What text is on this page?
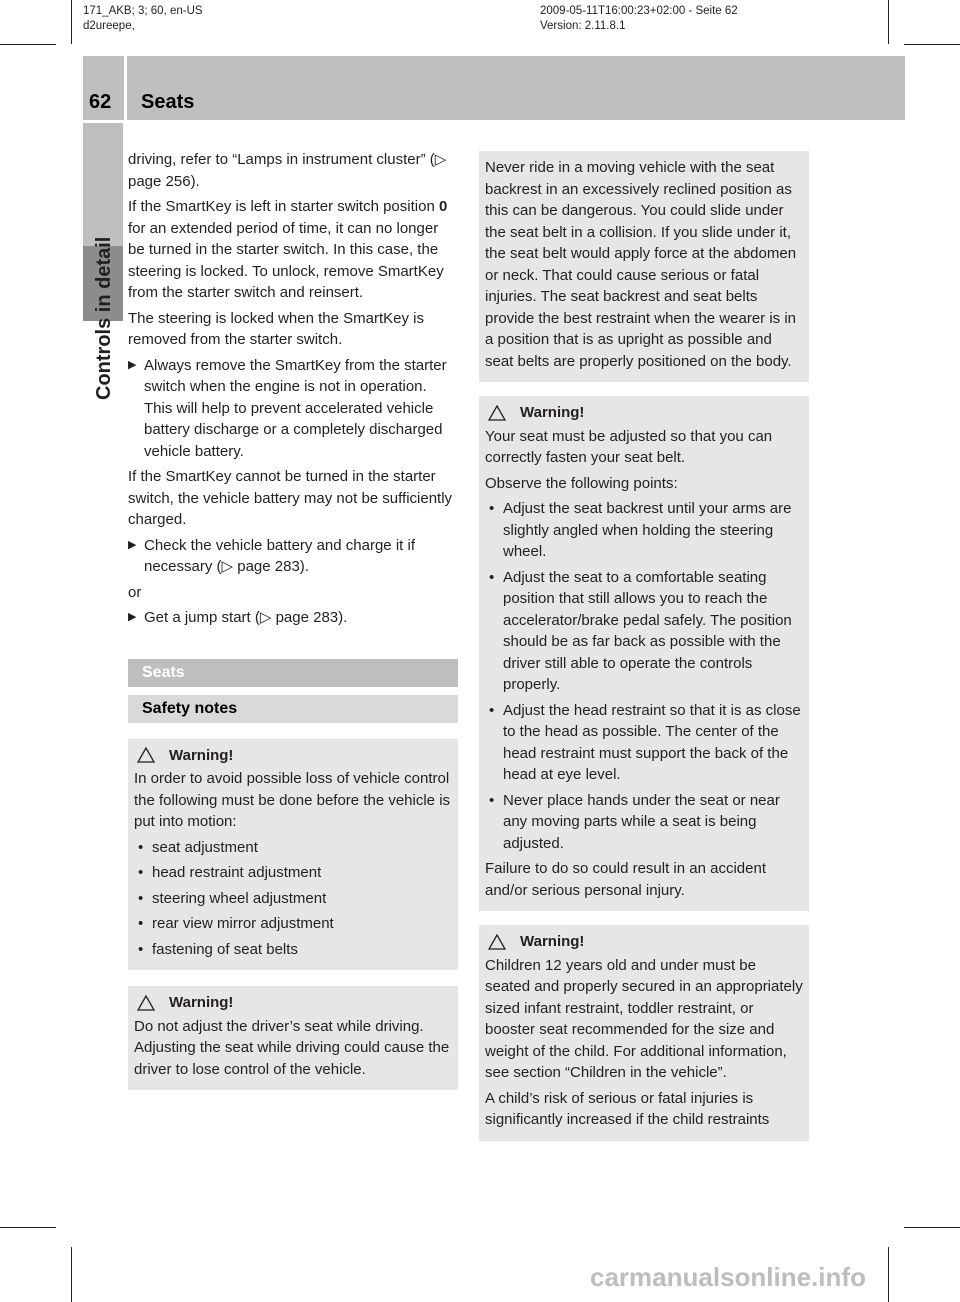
171_AKB; 3; 60, en-US
d2ureepe,
2009-05-11T16:00:23+02:00 - Seite 62
Version: 2.11.8.1
62 Seats
Controls in detail

driving, refer to “Lamps in instrument cluster” (▷ page 256).

If the SmartKey is left in starter switch position 0 for an extended period of time, it can no longer be turned in the starter switch. In this case, the steering is locked. To unlock, remove SmartKey from the starter switch and reinsert.

The steering is locked when the SmartKey is removed from the starter switch.

▶ Always remove the SmartKey from the starter switch when the engine is not in operation.
This will help to prevent accelerated vehicle battery discharge or a completely discharged vehicle battery.

If the SmartKey cannot be turned in the starter switch, the vehicle battery may not be sufficiently charged.

▶ Check the vehicle battery and charge it if necessary (▷ page 283).

or

▶ Get a jump start (▷ page 283).
Seats
Safety notes
Warning!

In order to avoid possible loss of vehicle control the following must be done before the vehicle is put into motion:

• seat adjustment
• head restraint adjustment
• steering wheel adjustment
• rear view mirror adjustment
• fastening of seat belts
Warning!

Do not adjust the driver’s seat while driving. Adjusting the seat while driving could cause the driver to lose control of the vehicle.

Never ride in a moving vehicle with the seat backrest in an excessively reclined position as this can be dangerous. You could slide under the seat belt in a collision. If you slide under it, the seat belt would apply force at the abdomen or neck. That could cause serious or fatal injuries. The seat backrest and seat belts provide the best restraint when the wearer is in a position that is as upright as possible and seat belts are properly positioned on the body.

Warning!

Your seat must be adjusted so that you can correctly fasten your seat belt.

Observe the following points:

• Adjust the seat backrest until your arms are slightly angled when holding the steering wheel.
• Adjust the seat to a comfortable seating position that still allows you to reach the accelerator/brake pedal safely. The position should be as far back as possible with the driver still able to operate the controls properly.
• Adjust the head restraint so that it is as close to the head as possible. The center of the head restraint must support the back of the head at eye level.
• Never place hands under the seat or near any moving parts while a seat is being adjusted.

Failure to do so could result in an accident and/or serious personal injury.

Warning!

Children 12 years old and under must be seated and properly secured in an appropriately sized infant restraint, toddler restraint, or booster seat recommended for the size and weight of the child. For additional information, see section “Children in the vehicle”.

A child’s risk of serious or fatal injuries is significantly increased if the child restraints

carmanualsonline.info
